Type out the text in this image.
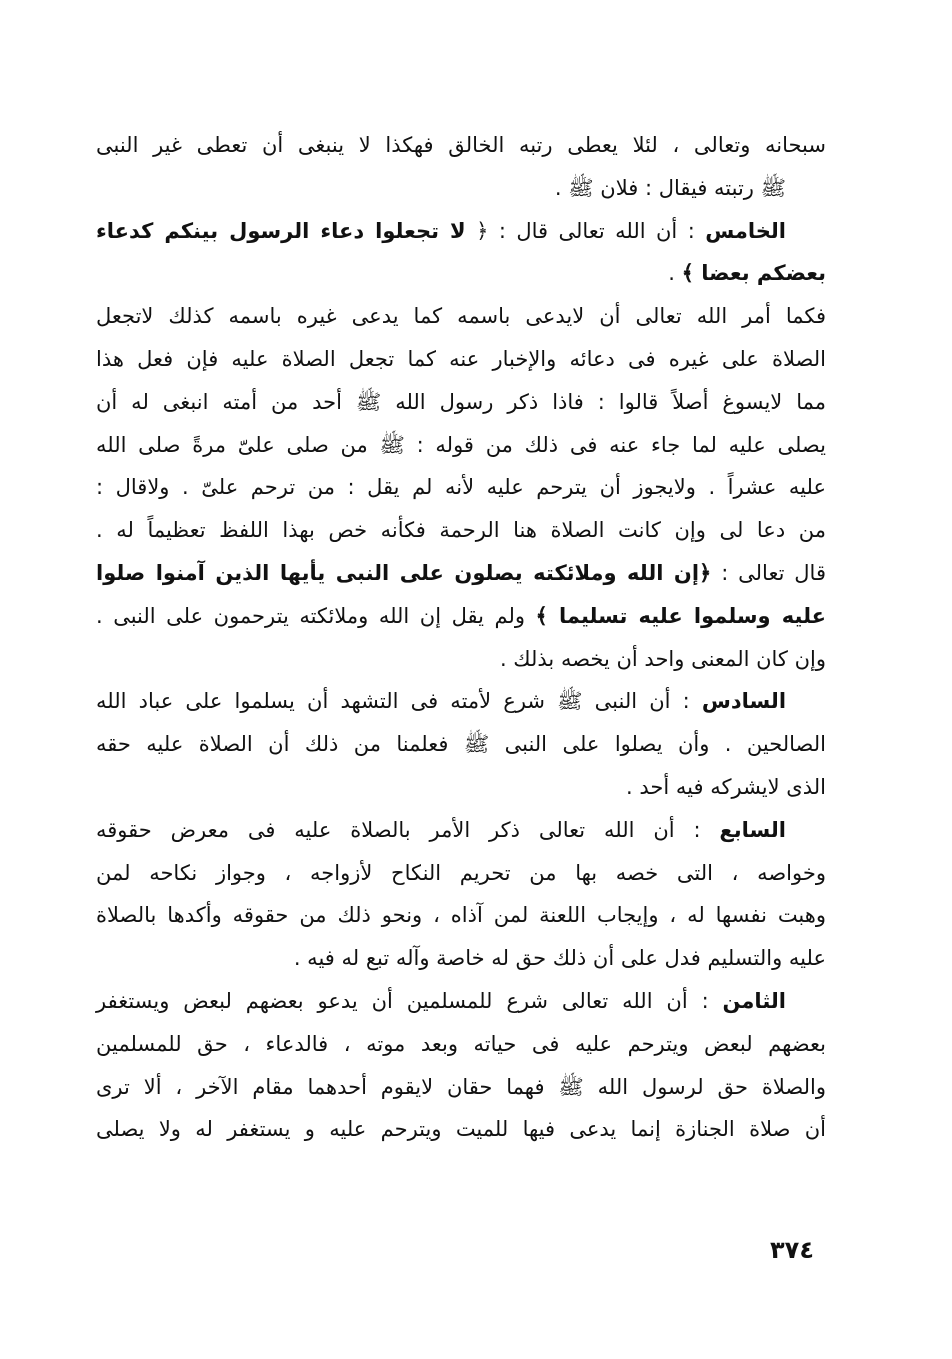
سبحانه وتعالى ، لئلا يعطى رتبه الخالق فهكذا لا ينبغى أن تعطى غير النبى
ﷺ رتبته فيقال : فلان ﷺ .
الخامس : أن الله تعالى قال : ﴿ لا تجعلوا دعاء الرسول بينكم كدعاء
بعضكم بعضا ﴾ .
فكما أمر الله تعالى أن لايدعى باسمه كما يدعى غيره باسمه كذلك لاتجعل
الصلاة على غيره فى دعائه والإخبار عنه كما تجعل الصلاة عليه فإن فعل هذا
مما لايسوغ أصلاً قالوا : فاذا ذكر رسول الله ﷺ أحد من أمته انبغى له أن
يصلى عليه لما جاء عنه فى ذلك من قوله : ﷺ من صلى علىّ مرةً صلى الله
عليه عشراً . ولايجوز أن يترحم عليه لأنه لم يقل : من ترحم علىّ . ولاقال :
من دعا لى وإن كانت الصلاة هنا الرحمة فكأنه خص بهذا اللفظ تعظيماً له .
قال تعالى : ﴿إن الله وملائكته يصلون على النبى يأيها الذين آمنوا صلوا
عليه وسلموا عليه تسليما ﴾ ولم يقل إن الله وملائكته يترحمون على النبى .
وإن كان المعنى واحد أن يخصه بذلك .
السادس : أن النبى ﷺ شرع لأمته فى التشهد أن يسلموا على عباد الله
الصالحين . وأن يصلوا على النبى ﷺ فعلمنا من ذلك أن الصلاة عليه حقه
الذى لايشركه فيه أحد .
السابع : أن الله تعالى ذكر الأمر بالصلاة عليه فى معرض حقوقه
وخواصه ، التى خصه بها من تحريم النكاح لأزواجه ، وجواز نكاحه لمن
وهبت نفسها له ، وإيجاب اللعنة لمن آذاه ، ونحو ذلك من حقوقه وأكدها بالصلاة
عليه والتسليم فدل على أن ذلك حق له خاصة وآله تبع له فيه .
الثامن : أن الله تعالى شرع للمسلمين أن يدعو بعضهم لبعض ويستغفر
بعضهم لبعض ويترحم عليه فى حياته وبعد موته ، فالدعاء ، حق للمسلمين
والصلاة حق لرسول الله ﷺ فهما حقان لايقوم أحدهما مقام الآخر ، ألا ترى
أن صلاة الجنازة إنما يدعى فيها للميت ويترحم عليه و يستغفر له ولا يصلى
٣٧٤
